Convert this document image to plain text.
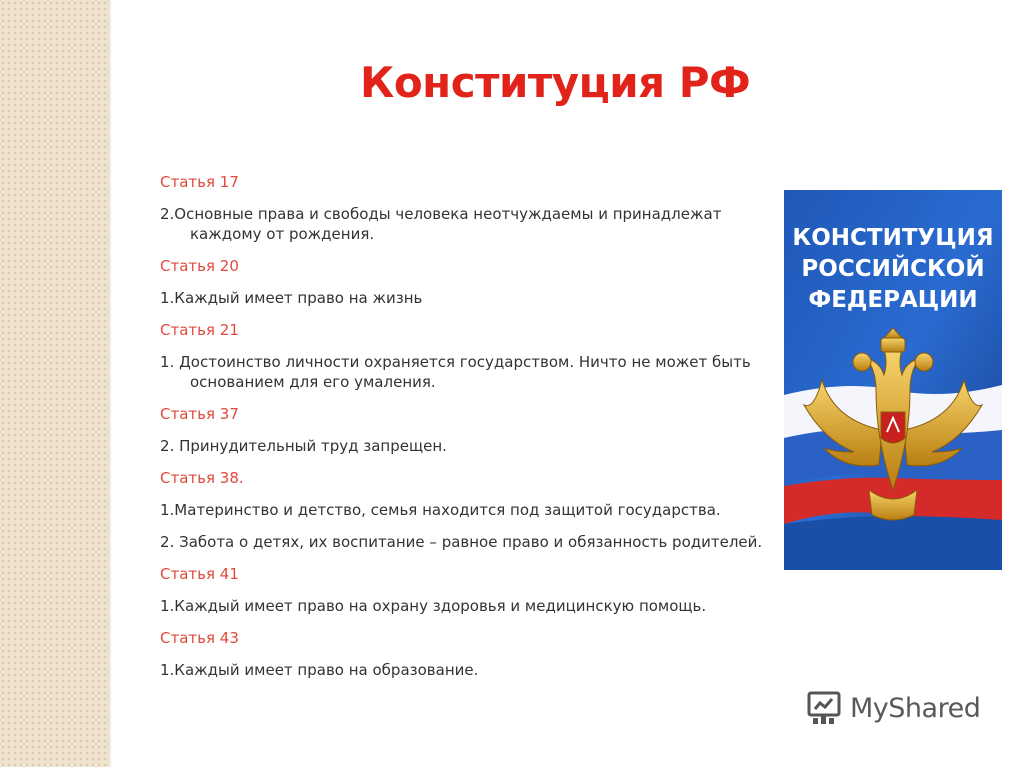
Конституция РФ
Статья 17
2.Основные права и свободы человека неотчуждаемы и принадлежат
каждому от рождения.
Статья 20
1.Каждый имеет право на жизнь
Статья 21
1. Достоинство личности охраняется государством. Ничто не может быть
основанием для его умаления.
Статья 37
2. Принудительный труд запрещен.
Статья 38.
1.Материнство и детство, семья находится под защитой государства.
2. Забота о детях, их воспитание – равное право и обязанность родителей.
Статья 41
1.Каждый имеет право на охрану здоровья и медицинскую помощь.
Статья 43
1.Каждый имеет право на образование.
КОНСТИТУЦИЯ
РОССИЙСКОЙ
ФЕДЕРАЦИИ
MyShared
